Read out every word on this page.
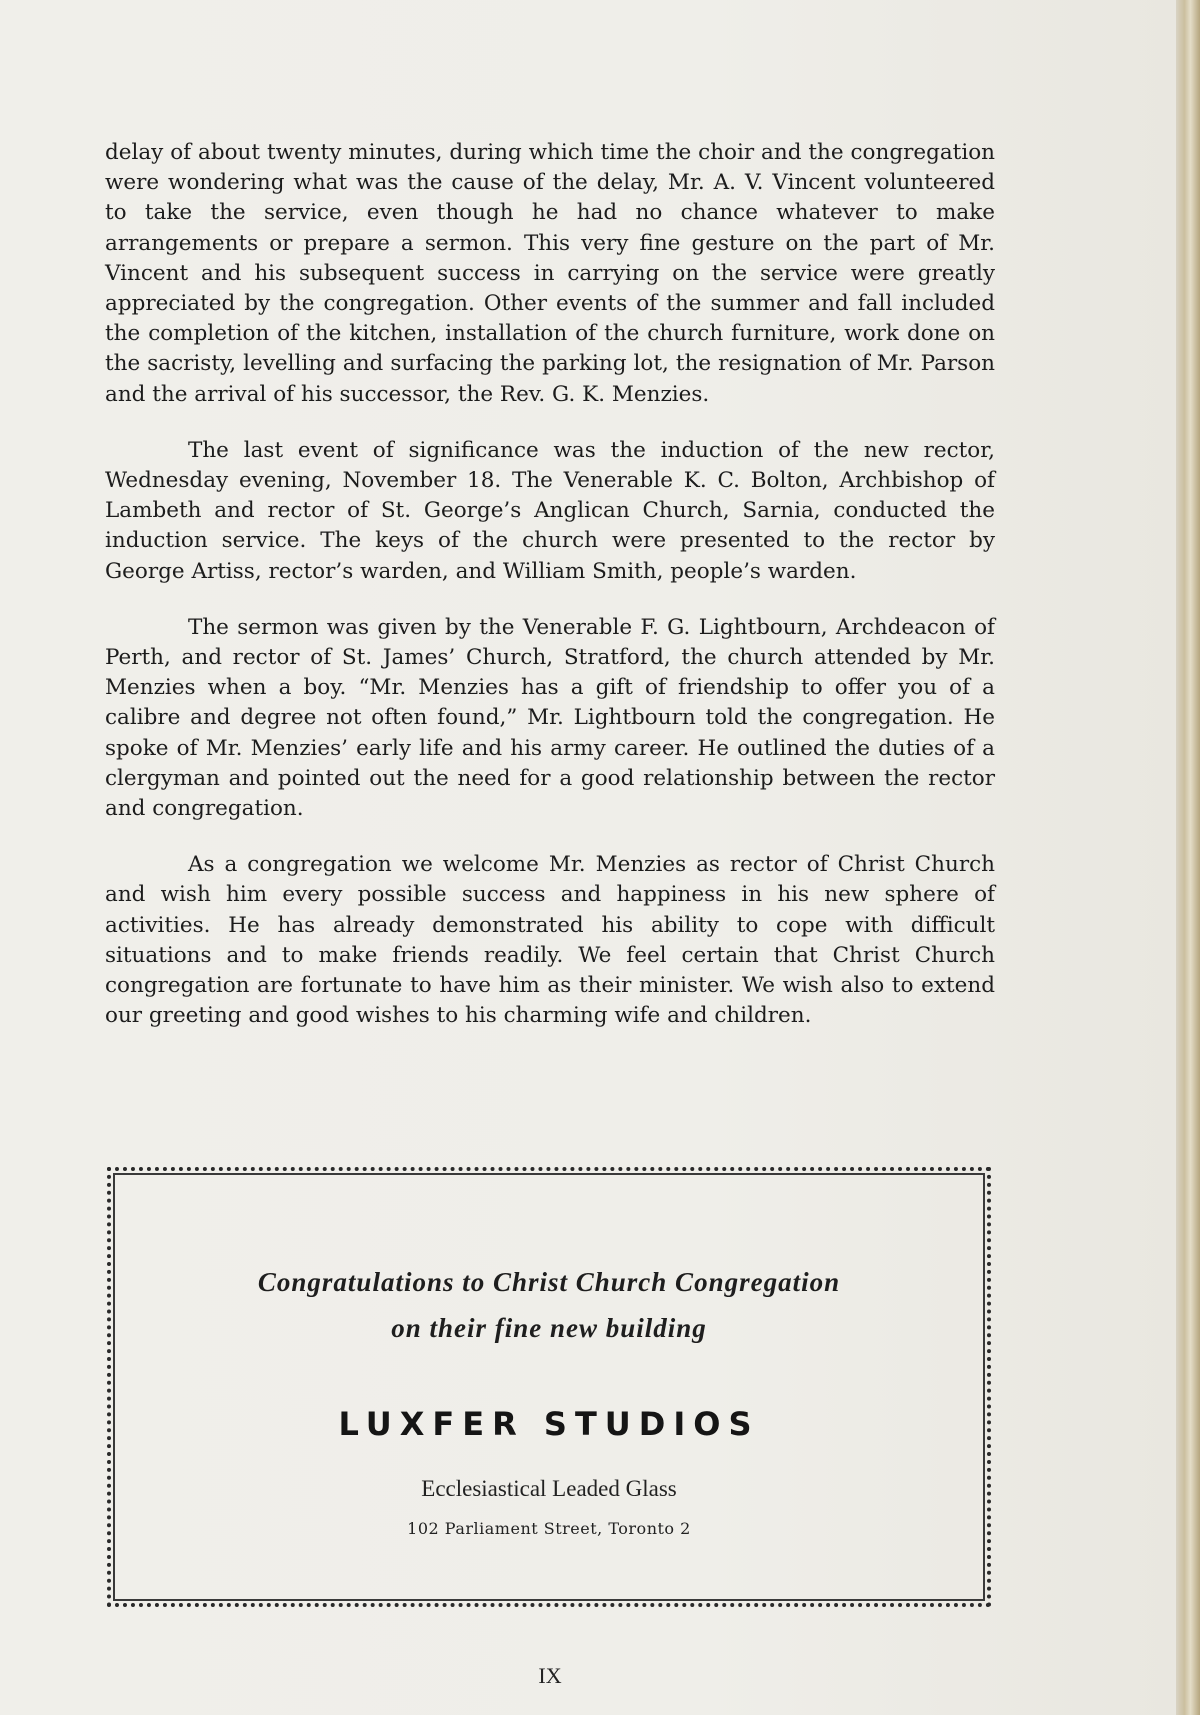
delay of about twenty minutes, during which time the choir and the congregation were wondering what was the cause of the delay, Mr. A. V. Vincent volunteered to take the service, even though he had no chance whatever to make arrangements or prepare a sermon. This very fine gesture on the part of Mr. Vincent and his subsequent success in carrying on the service were greatly appreciated by the congregation. Other events of the summer and fall included the completion of the kitchen, installation of the church furniture, work done on the sacristy, levelling and surfacing the parking lot, the resignation of Mr. Parson and the arrival of his successor, the Rev. G. K. Menzies.

The last event of significance was the induction of the new rector, Wednesday evening, November 18. The Venerable K. C. Bolton, Archbishop of Lambeth and rector of St. George’s Anglican Church, Sarnia, conducted the induction service. The keys of the church were presented to the rector by George Artiss, rector’s warden, and William Smith, people’s warden.

The sermon was given by the Venerable F. G. Lightbourn, Archdeacon of Perth, and rector of St. James’ Church, Stratford, the church attended by Mr. Menzies when a boy. “Mr. Menzies has a gift of friendship to offer you of a calibre and degree not often found,” Mr. Lightbourn told the congregation. He spoke of Mr. Menzies’ early life and his army career. He outlined the duties of a clergyman and pointed out the need for a good relationship between the rector and congregation.

As a congregation we welcome Mr. Menzies as rector of Christ Church and wish him every possible success and happiness in his new sphere of activities. He has already demonstrated his ability to cope with difficult situations and to make friends readily. We feel certain that Christ Church congregation are fortunate to have him as their minister. We wish also to extend our greeting and good wishes to his charming wife and children.

Congratulations to Christ Church Congregation
on their fine new building
LUXFER STUDIOS
Ecclesiastical Leaded Glass
102 Parliament Street, Toronto 2
IX
